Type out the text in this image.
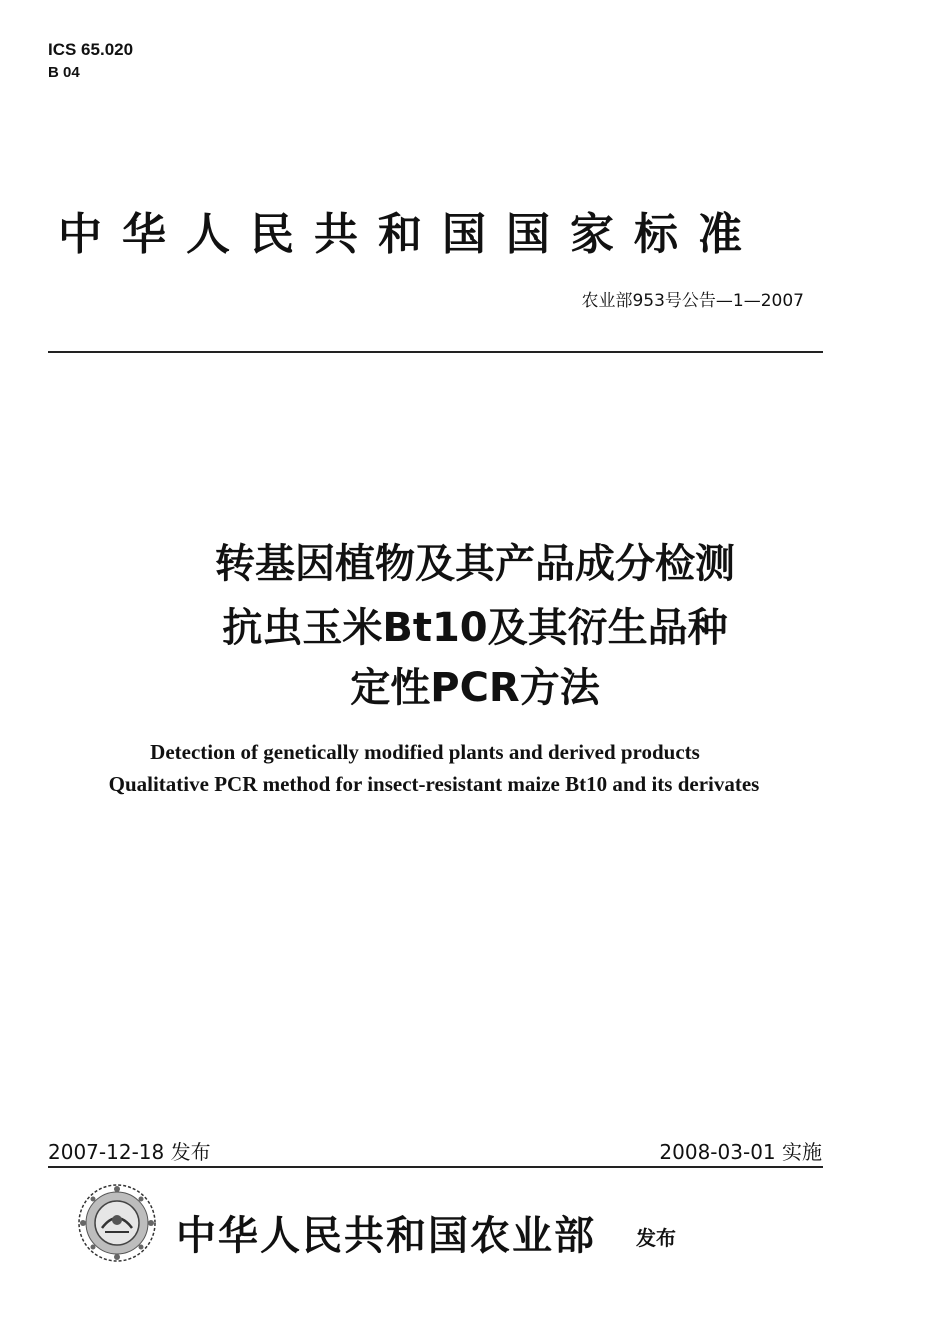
ICS 65.020
B 04
中华人民共和国国家标准
农业部953号公告—1—2007
转基因植物及其产品成分检测
抗虫玉米Bt10及其衍生品种
定性PCR方法
Detection of genetically modified plants and derived products
Qualitative PCR method for insect-resistant maize Bt10 and its derivates
2007-12-18 发布	2008-03-01 实施
中华人民共和国农业部 发布
